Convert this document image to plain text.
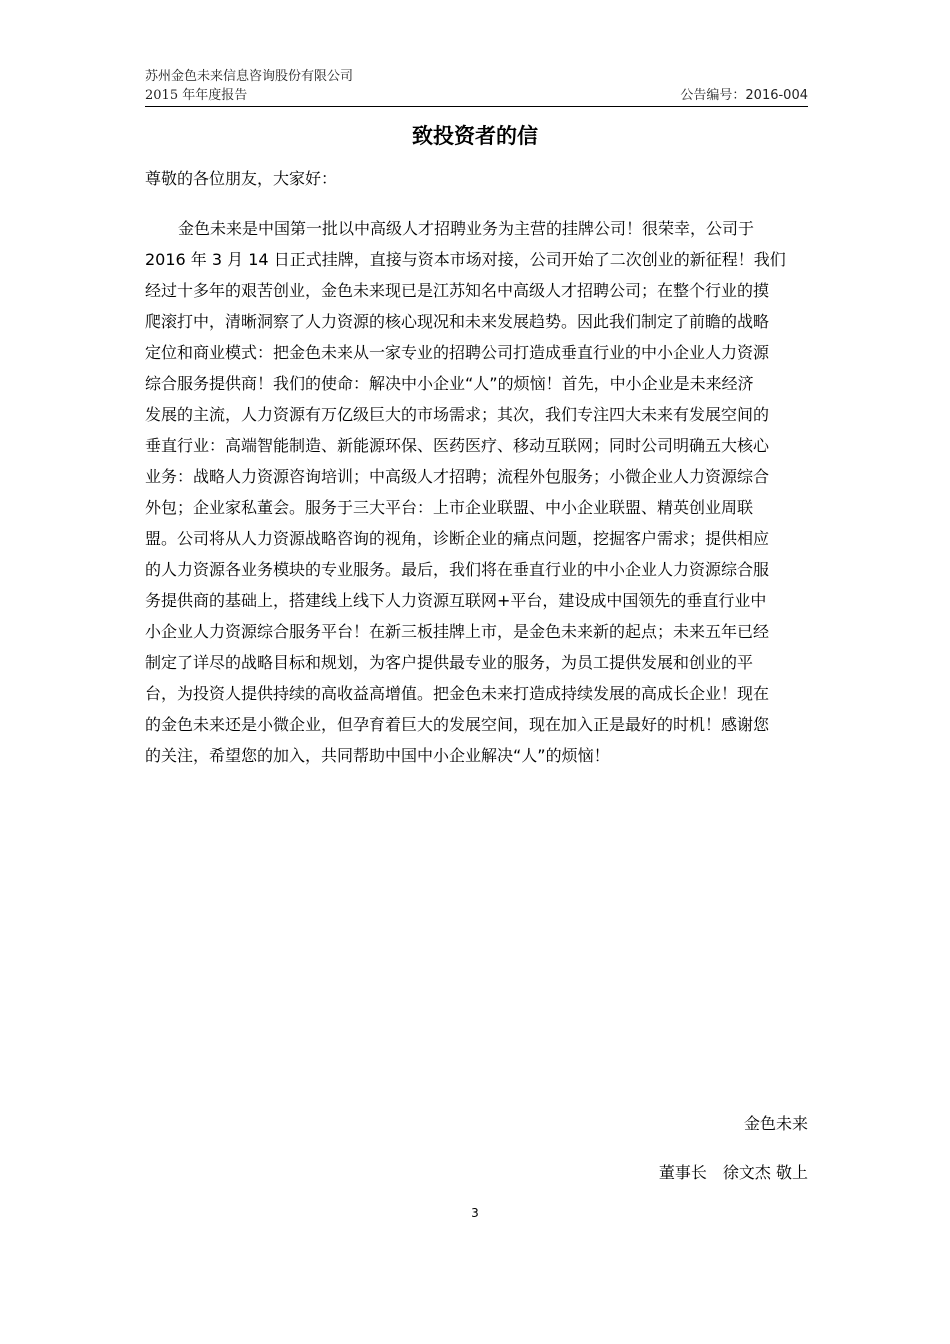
苏州金色未来信息咨询股份有限公司
2015 年年度报告	公告编号：2016-004
致投资者的信
尊敬的各位朋友，大家好：
金色未来是中国第一批以中高级人才招聘业务为主营的挂牌公司！很荣幸，公司于
2016 年 3 月 14 日正式挂牌，直接与资本市场对接，公司开始了二次创业的新征程！我们
经过十多年的艰苦创业，金色未来现已是江苏知名中高级人才招聘公司；在整个行业的摸
爬滚打中，清晰洞察了人力资源的核心现况和未来发展趋势。因此我们制定了前瞻的战略
定位和商业模式：把金色未来从一家专业的招聘公司打造成垂直行业的中小企业人力资源
综合服务提供商！我们的使命：解决中小企业“人”的烦恼！首先，中小企业是未来经济
发展的主流，人力资源有万亿级巨大的市场需求；其次，我们专注四大未来有发展空间的
垂直行业：高端智能制造、新能源环保、医药医疗、移动互联网；同时公司明确五大核心
业务：战略人力资源咨询培训；中高级人才招聘；流程外包服务；小微企业人力资源综合
外包；企业家私董会。服务于三大平台：上市企业联盟、中小企业联盟、精英创业周联
盟。公司将从人力资源战略咨询的视角，诊断企业的痛点问题，挖掘客户需求；提供相应
的人力资源各业务模块的专业服务。最后，我们将在垂直行业的中小企业人力资源综合服
务提供商的基础上，搭建线上线下人力资源互联网+平台，建设成中国领先的垂直行业中
小企业人力资源综合服务平台！在新三板挂牌上市，是金色未来新的起点；未来五年已经
制定了详尽的战略目标和规划，为客户提供最专业的服务，为员工提供发展和创业的平
台，为投资人提供持续的高收益高增值。把金色未来打造成持续发展的高成长企业！现在
的金色未来还是小微企业，但孕育着巨大的发展空间，现在加入正是最好的时机！感谢您
的关注，希望您的加入，共同帮助中国中小企业解决“人”的烦恼！
金色未来
董事长　徐文杰 敬上
3
